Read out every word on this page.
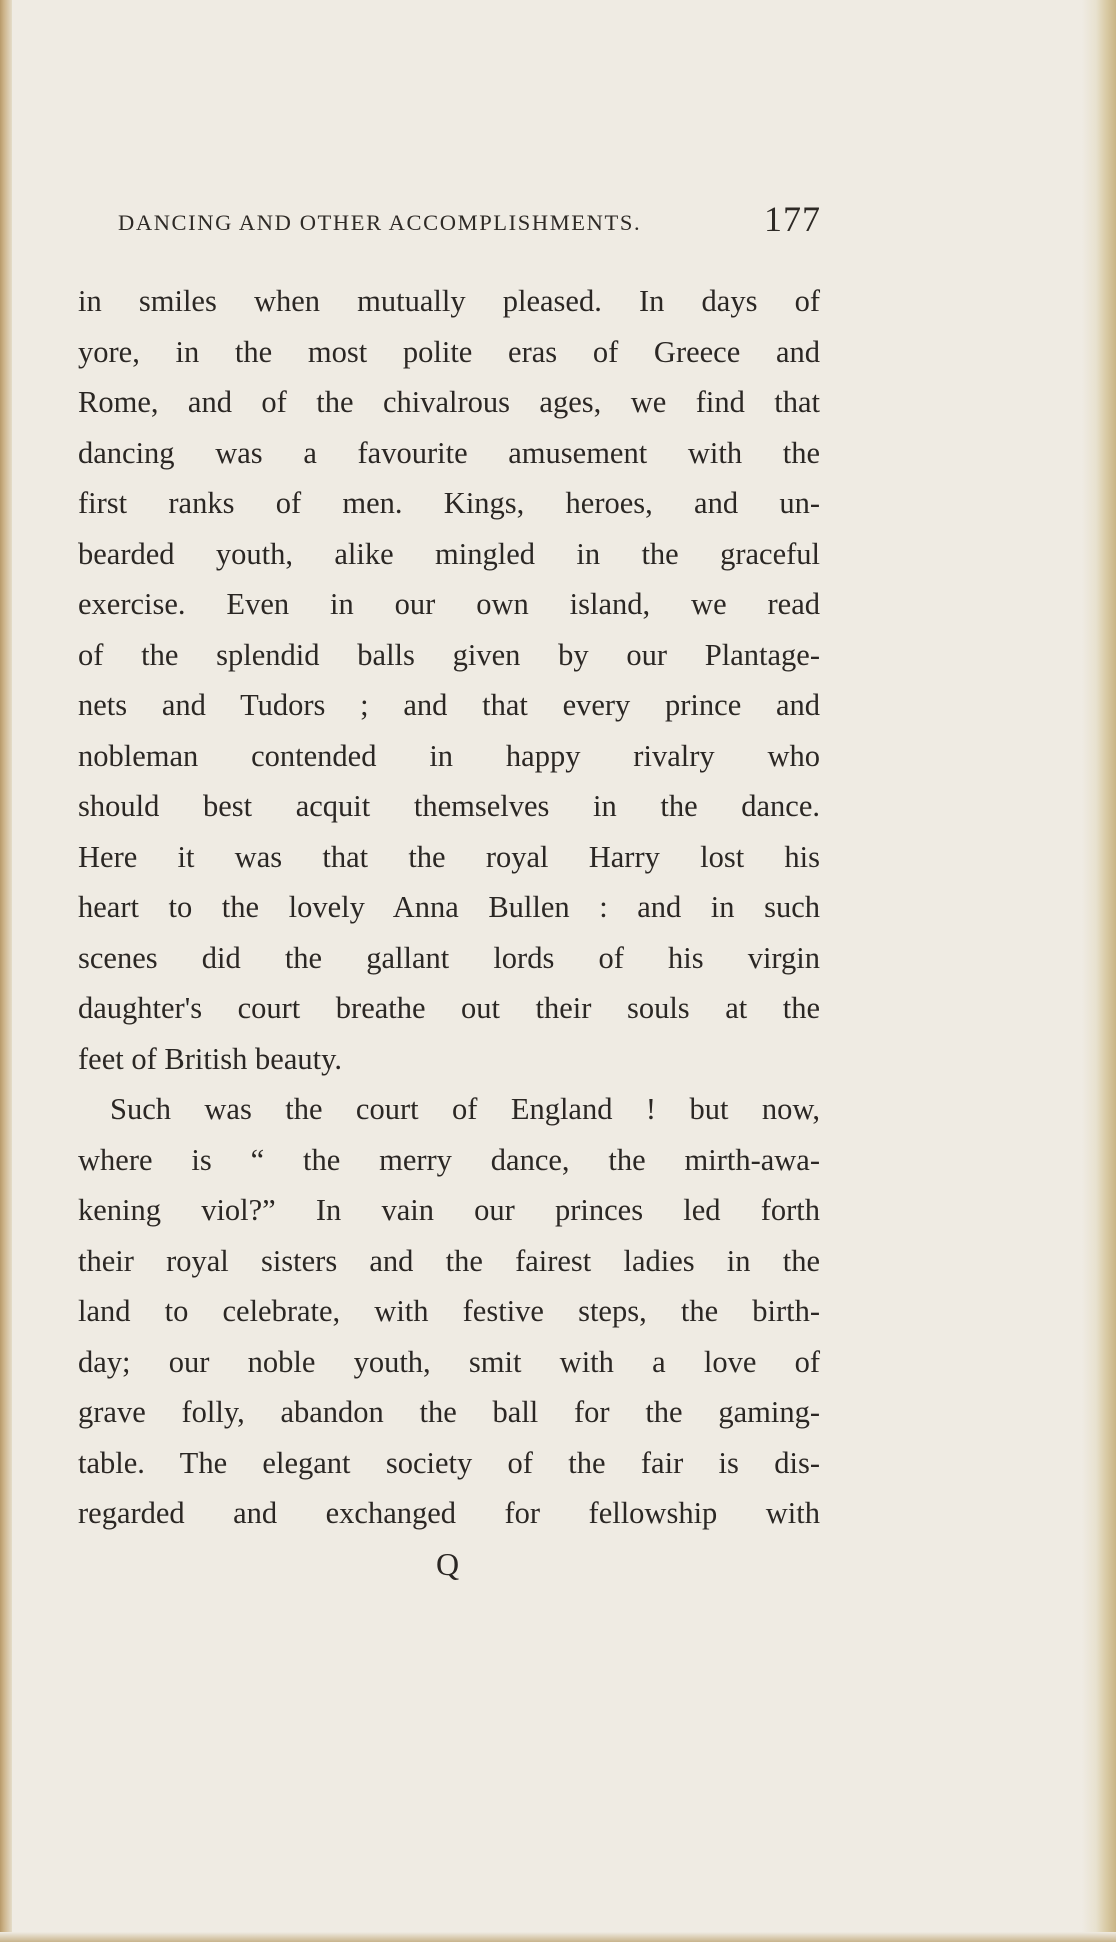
DANCING AND OTHER ACCOMPLISHMENTS.	177
in smiles when mutually pleased. In days of
yore, in the most polite eras of Greece and
Rome, and of the chivalrous ages, we find that
dancing was a favourite amusement with the
first ranks of men. Kings, heroes, and un-
bearded youth, alike mingled in the graceful
exercise. Even in our own island, we read
of the splendid balls given by our Plantage-
nets and Tudors ; and that every prince and
nobleman contended in happy rivalry who
should best acquit themselves in the dance.
Here it was that the royal Harry lost his
heart to the lovely Anna Bullen : and in such
scenes did the gallant lords of his virgin
daughter's court breathe out their souls at the
feet of British beauty.
Such was the court of England ! but now,
where is “ the merry dance, the mirth-awa-
kening viol?” In vain our princes led forth
their royal sisters and the fairest ladies in the
land to celebrate, with festive steps, the birth-
day; our noble youth, smit with a love of
grave folly, abandon the ball for the gaming-
table. The elegant society of the fair is dis-
regarded and exchanged for fellowship with
Q
